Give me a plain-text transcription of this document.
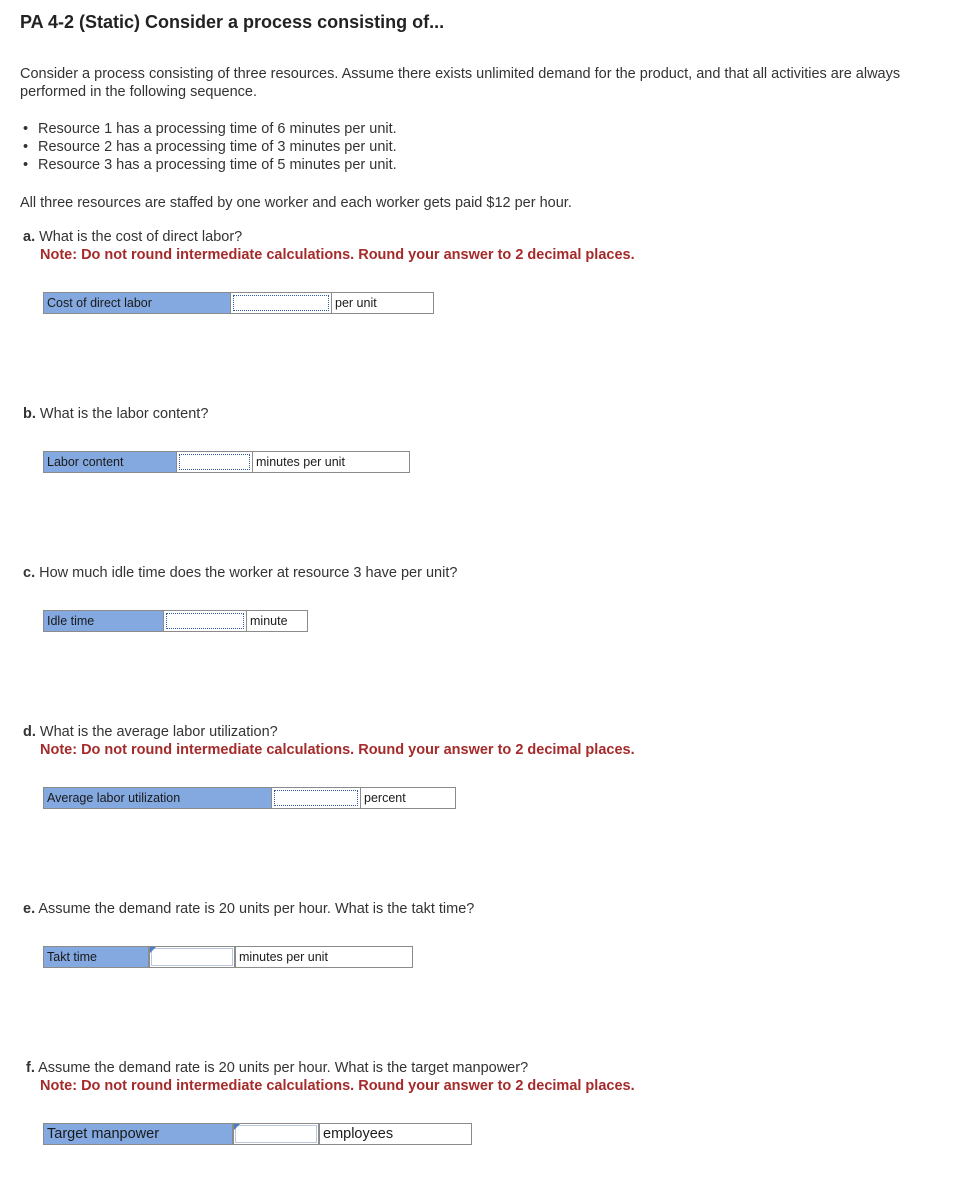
PA 4-2 (Static) Consider a process consisting of...
Consider a process consisting of three resources. Assume there exists unlimited demand for the product, and that all activities are always performed in the following sequence.
• Resource 1 has a processing time of 6 minutes per unit.
• Resource 2 has a processing time of 3 minutes per unit.
• Resource 3 has a processing time of 5 minutes per unit.
All three resources are staffed by one worker and each worker gets paid $12 per hour.
a. What is the cost of direct labor?
Note: Do not round intermediate calculations. Round your answer to 2 decimal places.
Cost of direct labor	per unit
b. What is the labor content?
Labor content	minutes per unit
c. How much idle time does the worker at resource 3 have per unit?
Idle time	minute
d. What is the average labor utilization?
Note: Do not round intermediate calculations. Round your answer to 2 decimal places.
Average labor utilization	percent
e. Assume the demand rate is 20 units per hour. What is the takt time?
Takt time	minutes per unit
f. Assume the demand rate is 20 units per hour. What is the target manpower?
Note: Do not round intermediate calculations. Round your answer to 2 decimal places.
Target manpower	employees
